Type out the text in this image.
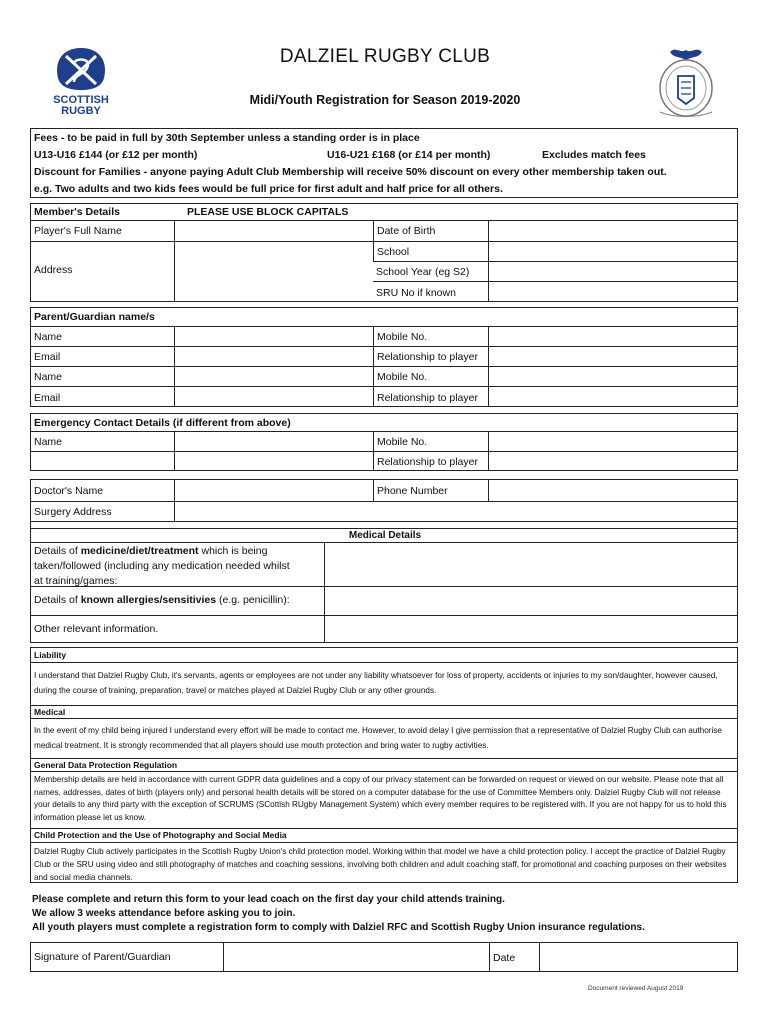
SCOTTISH
RUGBY
DALZIEL RUGBY CLUB
Midi/Youth Registration for Season 2019-2020
Fees - to be paid in full by 30th September unless a standing order is in place
U13-U16 £144 (or £12 per month)	U16-U21 £168 (or £14 per month)	Excludes match fees
Discount for Families - anyone paying Adult Club Membership will receive 50% discount on every other membership taken out.
e.g. Two adults and two kids fees would be full price for first adult and half price for all others.
Member's Details	PLEASE USE BLOCK CAPITALS
Player's Full Name	Date of Birth
School
Address	School Year (eg S2)
SRU No if known
Parent/Guardian name/s
Name	Mobile No.
Email	Relationship to player
Name	Mobile No.
Email	Relationship to player
Emergency Contact Details (if different from above)
Name	Mobile No.
Relationship to player
Doctor's Name	Phone Number
Surgery Address
Medical Details
Details of medicine/diet/treatment which is being
taken/followed (including any medication needed whilst
at training/games:
Details of known allergies/sensitivies (e.g. penicillin):
Other relevant information.
Liability
I understand that Dalziel Rugby Club, it's servants, agents or employees are not under any liability whatsoever for loss of property, accidents or injuries to my son/daughter, however caused, during the course of training, preparation, travel or matches played at Dalziel Rugby Club or any other grounds.
Medical
In the event of my child being injured I understand every effort will be made to contact me. However, to avoid delay I give permission that a representative of Dalziel Rugby Club can authorise medical treatment. It is strongly recommended that all players should use mouth protection and bring water to rugby activities.
General Data Protection Regulation
Membership details are held in accordance with current GDPR data guidelines and a copy of our privacy statement can be forwarded on request or viewed on our website. Please note that all names, addresses, dates of birth (players only) and personal health details will be stored on a computer database for the use of Committee Members only. Dalziel Rugby Club will not release your details to any third party with the exception of SCRUMS (SCottish RUgby Management System) which every member requires to be registered with. If you are not happy for us to hold this information please let us know.
Child Protection and the Use of Photography and Social Media
Dalziel Rugby Club actively participates in the Scottish Rugby Union's child protection model. Working within that model we have a child protection policy. I accept the practice of Dalziel Rugby Club or the SRU using video and still photography of matches and coaching sessions, involving both children and adult coaching staff, for promotional and coaching purposes on their websites and social media channels.
Please complete and return this form to your lead coach on the first day your child attends training.
We allow 3 weeks attendance before asking you to join.
All youth players must complete a registration form to comply with Dalziel RFC and Scottish Rugby Union insurance regulations.
Signature of Parent/Guardian	Date
Document reviewed August 2019
